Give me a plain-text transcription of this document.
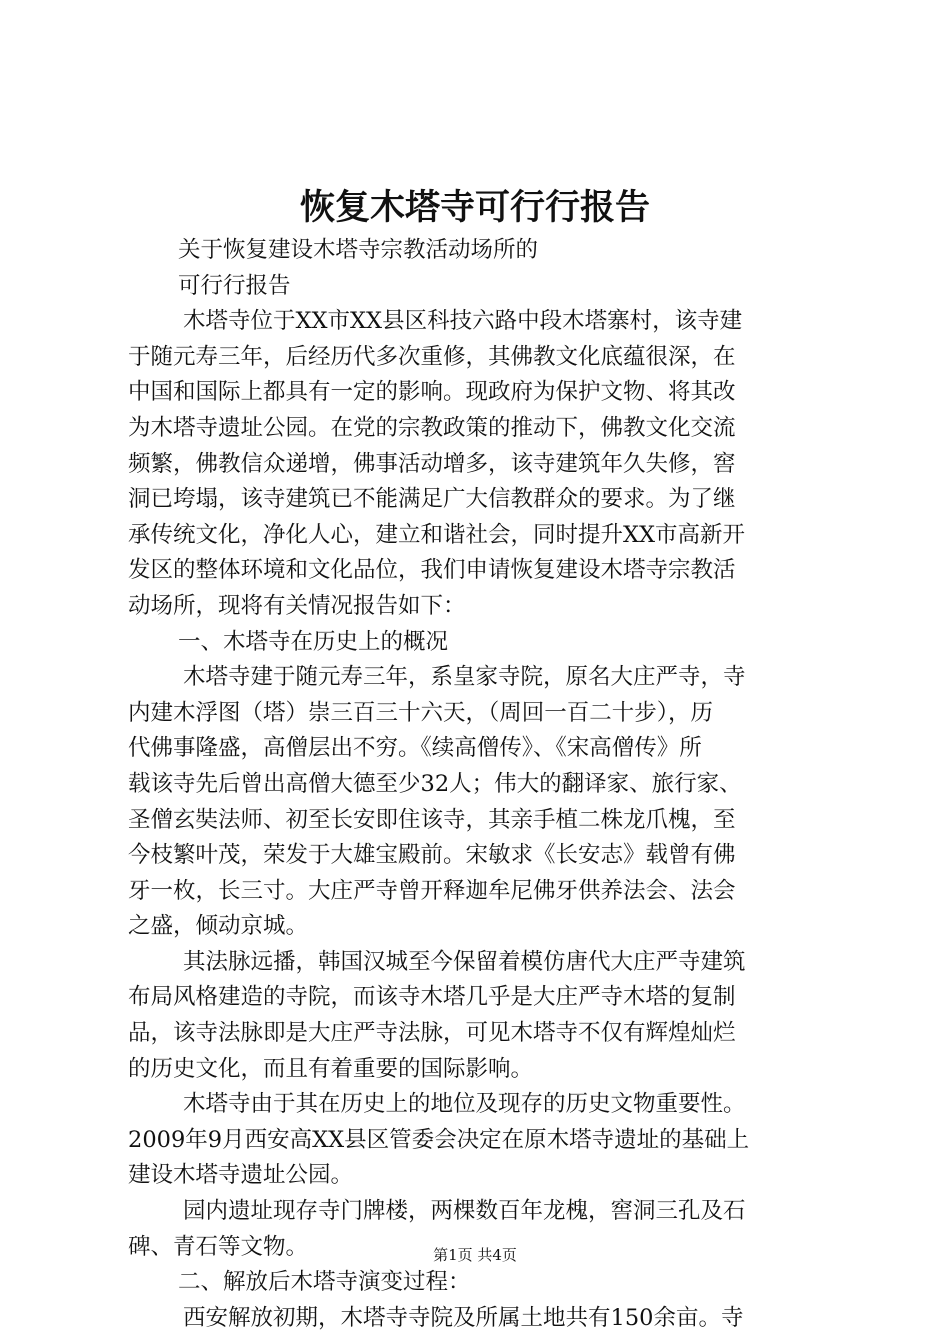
恢复木塔寺可行行报告
关于恢复建设木塔寺宗教活动场所的
可行行报告
木塔寺位于XX市XX县区科技六路中段木塔寨村，该寺建
于随元寿三年，后经历代多次重修，其佛教文化底蕴很深，在
中国和国际上都具有一定的影响。现政府为保护文物、将其改
为木塔寺遗址公园。在党的宗教政策的推动下，佛教文化交流
频繁，佛教信众递增，佛事活动增多，该寺建筑年久失修，窖
洞已垮塌，该寺建筑已不能满足广大信教群众的要求。为了继
承传统文化，净化人心，建立和谐社会，同时提升XX市高新开
发区的整体环境和文化品位，我们申请恢复建设木塔寺宗教活
动场所，现将有关情况报告如下：
一、木塔寺在历史上的概况
木塔寺建于随元寿三年，系皇家寺院，原名大庄严寺，寺
内建木浮图（塔）崇三百三十六天，（周回一百二十步），历
代佛事隆盛，高僧层出不穷。《续高僧传》、《宋高僧传》所
载该寺先后曾出高僧大德至少32人；伟大的翻译家、旅行家、
圣僧玄奘法师、初至长安即住该寺，其亲手植二株龙爪槐，至
今枝繁叶茂，荣发于大雄宝殿前。宋敏求《长安志》载曾有佛
牙一枚，长三寸。大庄严寺曾开释迦牟尼佛牙供养法会、法会
之盛，倾动京城。
其法脉远播，韩国汉城至今保留着模仿唐代大庄严寺建筑
布局风格建造的寺院，而该寺木塔几乎是大庄严寺木塔的复制
品，该寺法脉即是大庄严寺法脉，可见木塔寺不仅有辉煌灿烂
的历史文化，而且有着重要的国际影响。
木塔寺由于其在历史上的地位及现存的历史文物重要性。
2009年9月西安高XX县区管委会决定在原木塔寺遗址的基础上
建设木塔寺遗址公园。
园内遗址现存寺门牌楼，两棵数百年龙槐，窖洞三孔及石
碑、青石等文物。
二、解放后木塔寺演变过程：
西安解放初期，木塔寺寺院及所属土地共有150余亩。寺
第1页 共4页
